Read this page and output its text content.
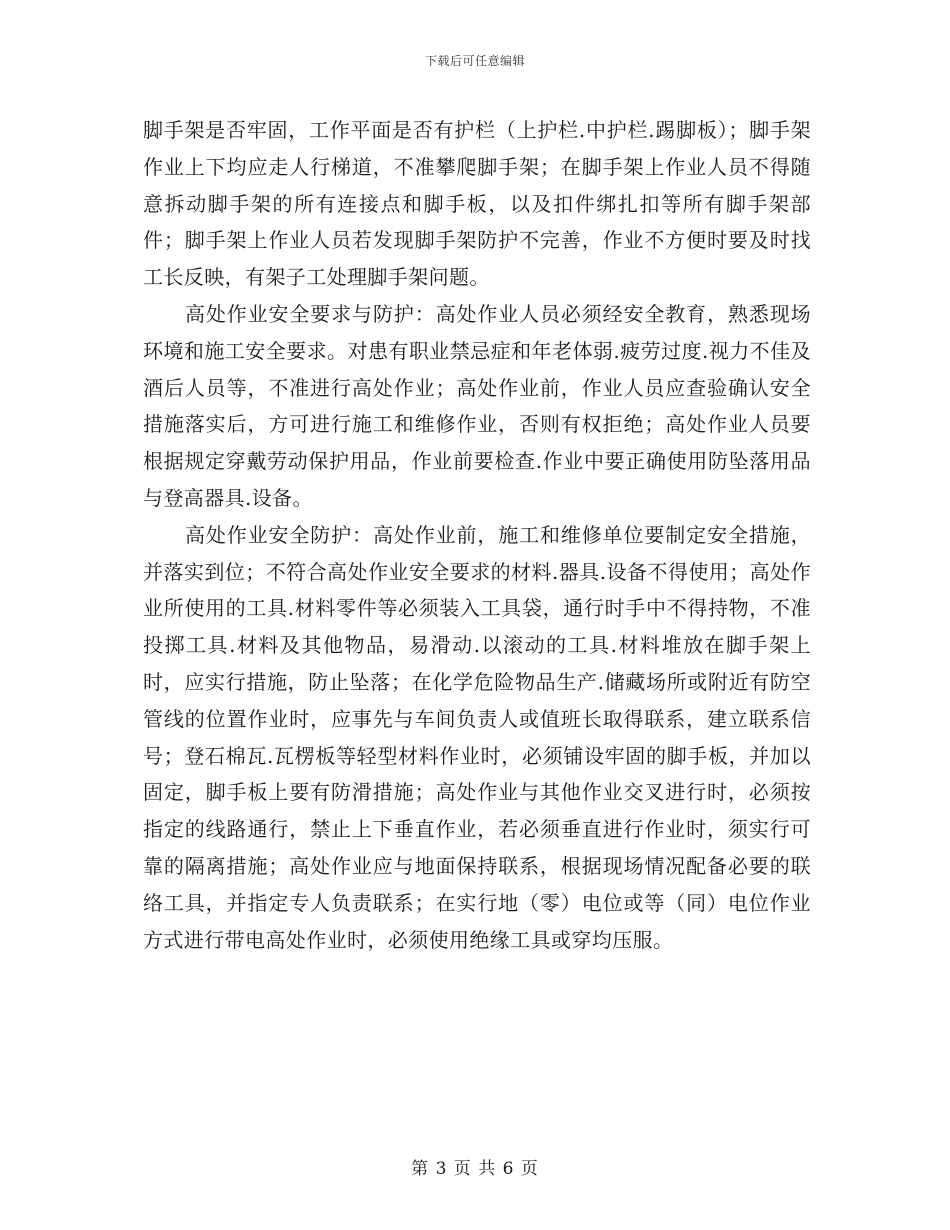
下载后可任意编辑

脚手架是否牢固，工作平面是否有护栏（上护栏.中护栏.踢脚板）；脚手架作业上下均应走人行梯道，不准攀爬脚手架；在脚手架上作业人员不得随意拆动脚手架的所有连接点和脚手板，以及扣件绑扎扣等所有脚手架部件；脚手架上作业人员若发现脚手架防护不完善，作业不方便时要及时找工长反映，有架子工处理脚手架问题。

高处作业安全要求与防护：高处作业人员必须经安全教育，熟悉现场环境和施工安全要求。对患有职业禁忌症和年老体弱.疲劳过度.视力不佳及酒后人员等，不准进行高处作业；高处作业前，作业人员应查验确认安全措施落实后，方可进行施工和维修作业，否则有权拒绝；高处作业人员要根据规定穿戴劳动保护用品，作业前要检查.作业中要正确使用防坠落用品与登高器具.设备。

高处作业安全防护：高处作业前，施工和维修单位要制定安全措施，并落实到位；不符合高处作业安全要求的材料.器具.设备不得使用；高处作业所使用的工具.材料零件等必须装入工具袋，通行时手中不得持物，不准投掷工具.材料及其他物品，易滑动.以滚动的工具.材料堆放在脚手架上时，应实行措施，防止坠落；在化学危险物品生产.储藏场所或附近有防空管线的位置作业时，应事先与车间负责人或值班长取得联系，建立联系信号；登石棉瓦.瓦楞板等轻型材料作业时，必须铺设牢固的脚手板，并加以固定，脚手板上要有防滑措施；高处作业与其他作业交叉进行时，必须按指定的线路通行，禁止上下垂直作业，若必须垂直进行作业时，须实行可靠的隔离措施；高处作业应与地面保持联系，根据现场情况配备必要的联络工具，并指定专人负责联系；在实行地（零）电位或等（同）电位作业方式进行带电高处作业时，必须使用绝缘工具或穿均压服。

第 3 页 共 6 页
